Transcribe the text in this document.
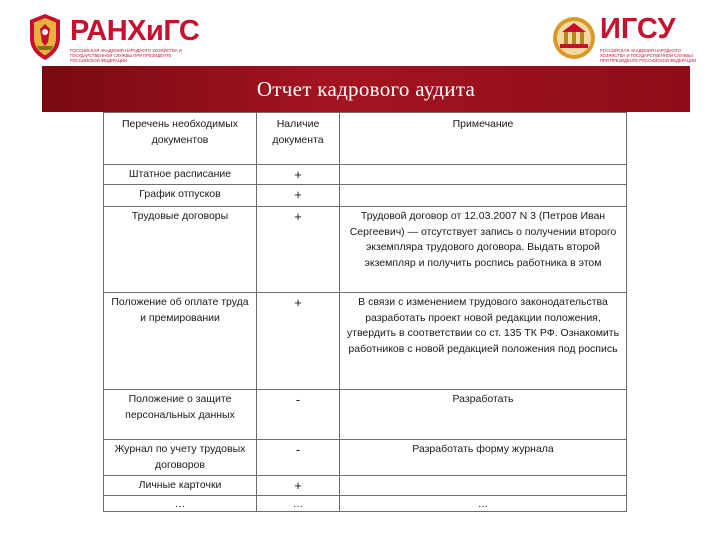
РАНХиГС
РОССИЙСКАЯ АКАДЕМИЯ НАРОДНОГО ХОЗЯЙСТВА И ГОСУДАРСТВЕННОЙ СЛУЖБЫ ПРИ ПРЕЗИДЕНТЕ РОССИЙСКОЙ ФЕДЕРАЦИИ
ИГСУ
РОССИЙСКАЯ АКАДЕМИЯ НАРОДНОГО ХОЗЯЙСТВА И ГОСУДАРСТВЕННОЙ СЛУЖБЫ ПРИ ПРЕЗИДЕНТЕ РОССИЙСКОЙ ФЕДЕРАЦИИ
Отчет кадрового аудита
Перечень необходимых документов	Наличие документа	Примечание
Штатное расписание	+	
График отпусков	+	
Трудовые договоры	+	Трудовой договор от 12.03.2007 N 3 (Петров Иван Сергеевич) — отсутствует запись о получении второго экземпляра трудового договора. Выдать второй экземпляр и получить роспись работника в этом
Положение об оплате труда и премировании	+	В связи с изменением трудового законодательства разработать проект новой редакции положения, утвердить в соответствии со ст. 135 ТК РФ. Ознакомить работников с новой редакцией положения под роспись
Положение о защите персональных данных	-	Разработать
Журнал по учету трудовых договоров	-	Разработать форму журнала
Личные карточки	+	
…	…	…
